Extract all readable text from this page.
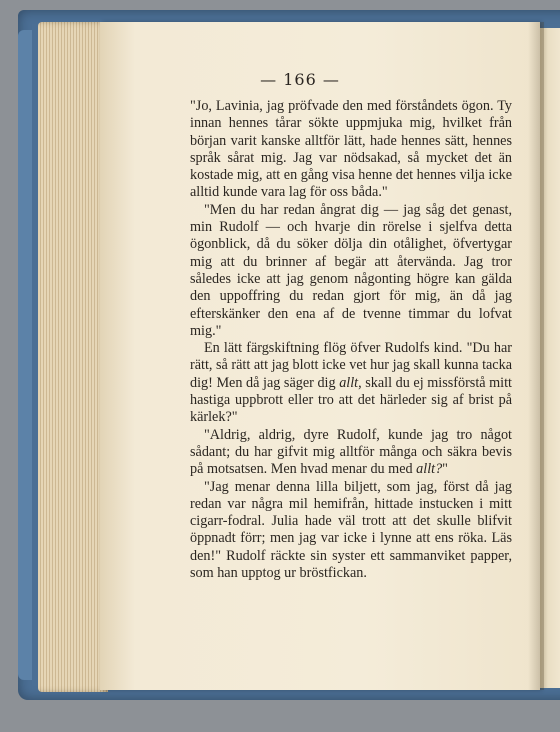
— 166 —

"Jo, Lavinia, jag pröfvade den med förståndets ögon. Ty innan hennes tårar sökte uppmjuka mig, hvilket från början varit kanske alltför lätt, hade hennes sätt, hennes språk sårat mig. Jag var nödsakad, så mycket det än kostade mig, att en gång visa henne det hennes vilja icke alltid kunde vara lag för oss båda."

"Men du har redan ångrat dig — jag såg det genast, min Rudolf — och hvarje din rörelse i sjelfva detta ögonblick, då du söker dölja din otålighet, öfvertygar mig att du brinner af begär att återvända. Jag tror således icke att jag genom någonting högre kan gälda den uppoffring du redan gjort för mig, än då jag efterskänker den ena af de tvenne timmar du lofvat mig."

En lätt färgskiftning flög öfver Rudolfs kind. "Du har rätt, så rätt att jag blott icke vet hur jag skall kunna tacka dig! Men då jag säger dig allt, skall du ej missförstå mitt hastiga uppbrott eller tro att det härleder sig af brist på kärlek?"

"Aldrig, aldrig, dyre Rudolf, kunde jag tro något sådant; du har gifvit mig alltför många och säkra bevis på motsatsen. Men hvad menar du med allt?"

"Jag menar denna lilla biljett, som jag, först då jag redan var några mil hemifrån, hittade instucken i mitt cigarr-fodral. Julia hade väl trott att det skulle blifvit öppnadt förr; men jag var icke i lynne att ens röka. Läs den!" Rudolf räckte sin syster ett sammanviket papper, som han upptog ur bröstfickan.
